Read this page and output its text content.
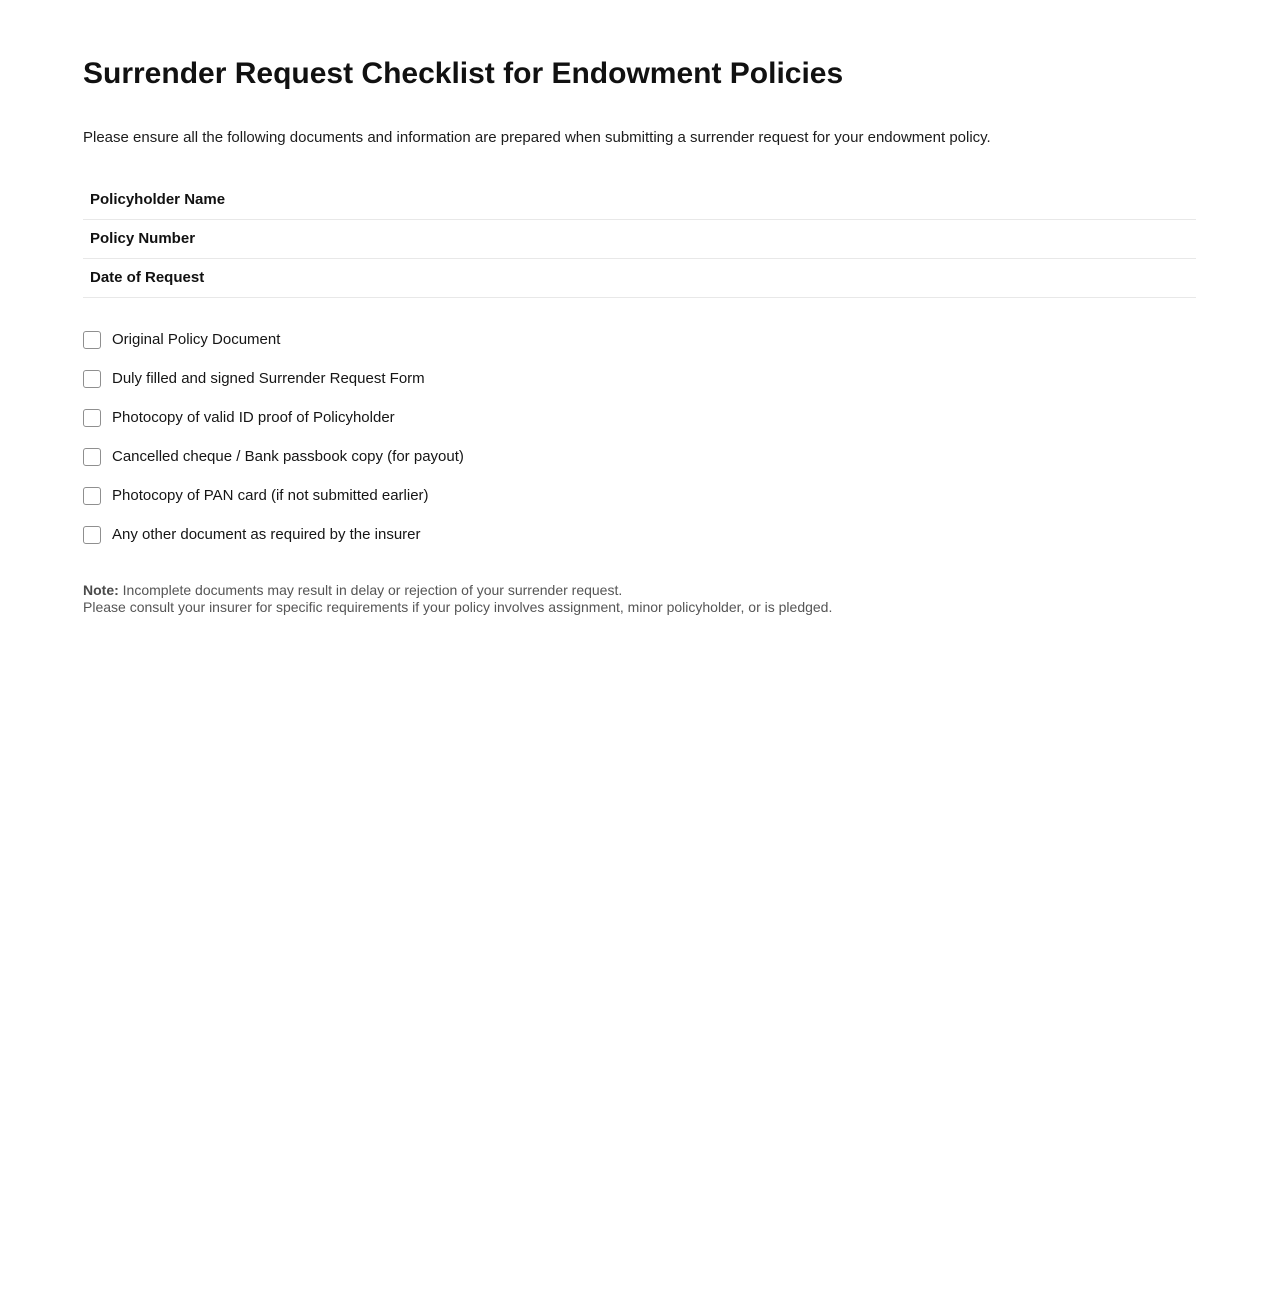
Surrender Request Checklist for Endowment Policies

Please ensure all the following documents and information are prepared when submitting a surrender request for your endowment policy.

Policyholder Name
Policy Number
Date of Request
Original Policy Document
Duly filled and signed Surrender Request Form
Photocopy of valid ID proof of Policyholder
Cancelled cheque / Bank passbook copy (for payout)
Photocopy of PAN card (if not submitted earlier)
Any other document as required by the insurer
Note: Incomplete documents may result in delay or rejection of your surrender request.
Please consult your insurer for specific requirements if your policy involves assignment, minor policyholder, or is pledged.
